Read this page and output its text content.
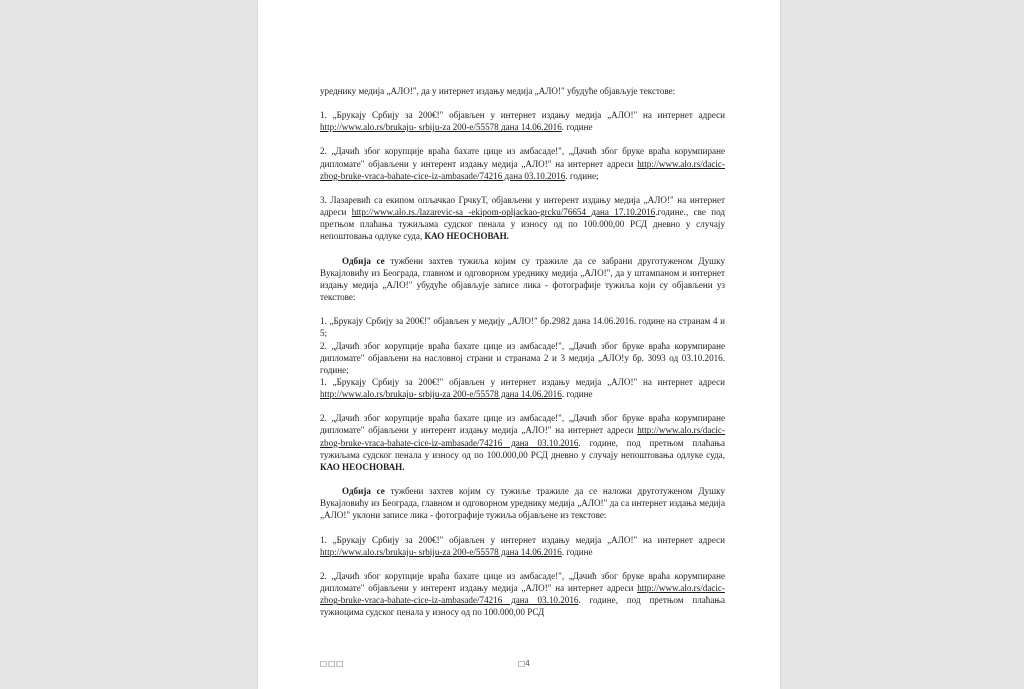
уреднику медија „АЛО!", да у интернет издању медија „АЛО!" убудуће објављује текстове:

1. „Брукају Србију за 200€!" објављен у интернет издању медија „АЛО!" на интернет адреси http://www.alo.rs/brukaju- srbiju-za 200-e/55578 дана 14.06.2016. године

2. „Дачић због корупције враћа бахате цице из амбасаде!", „Дачић због бруке враћа корумпиране дипломате" објављени у интерент издању медија „АЛО!" на интернет адреси http://www.alo.rs/dacic-zbog-bruke-vraca-bahate-cice-iz-ambasade/74216 дана 03.10.2016. године;

3. Лазаревић са екипом опљачкао ГрчкуТ, објављени у интерент издању медија „АЛО!" на интернет адреси http://www.alo.rs./lazarevic-sa -ekipom-opljackao-grcku/76654 дана 17.10.2016.године., све под претњом плаћања тужиљама судског пенала у износу од по 100.000,00 РСД дневно у случају непоштовања одлуке суда, КАО НЕОСНОВАН.

Одбија се тужбени захтев тужиља којим су тражиле да се забрани друготуженом Душку Вукајловићу из Београда, главном и одговорном уреднику медија „АЛО!", да у штампаном и интернет издању медија „АЛО!" убудуће објављује записе лика - фотографије тужиља који су објављени уз текстове:

1. „Брукају Србију за 200€!" објављен у медију „АЛО!" бр.2982 дана 14.06.2016. године на странам 4 и 5;

2. „Дачић због корупције враћа бахате цице из амбасаде!", „Дачић због бруке враћа корумпиране дипломате" објављени на насловној страни и странама 2 и 3 медија „АЛО!у бр. 3093 од 03.10.2016. године;

1. „Брукају Србију за 200€!" објављен у интернет издању медија „АЛО!" на интернет адреси http://www.alo.rs/brukaju- srbiju-za 200-e/55578 дана 14.06.2016. године

2. „Дачић због корупције враћа бахате цице из амбасаде!", „Дачић због бруке враћа корумпиране дипломате" објављени у интерент издању медија „АЛО!" на интернет адреси http://www.alo.rs/dacic-zbog-bruke-vraca-bahate-cice-iz-ambasade/74216 дана 03.10.2016. године, под претњом плаћања тужиљама судског пенала у износу од по 100.000,00 РСД дневно у случају непоштовања одлуке суда, КАО НЕОСНОВАН.

Одбија се тужбени захтев којим су тужиље тражиле да се наложи друготуженом Душку Вукајловићу из Београда, главном и одговорном уреднику медија „АЛО!" да са интернет издања медија „АЛО!" уклони записе лика - фотографије тужиља објављене из текстове:

1. „Брукају Србију за 200€!" објављен у интернет издању медија „АЛО!" на интернет адреси http://www.alo.rs/brukaju- srbiju-za 200-e/55578 дана 14.06.2016. године

2. „Дачић због корупције враћа бахате цице из амбасаде!", „Дачић због бруке враћа корумпиране дипломате" објављени у интерент издању медија „АЛО!" на интернет адреси http://www.alo.rs/dacic-zbog-bruke-vraca-bahate-cice-iz-ambasade/74216 дана 03.10.2016. године, под претњом плаћања тужиоцима судског пенала у износу од по 100.000,00 РСД

□□□	□4
